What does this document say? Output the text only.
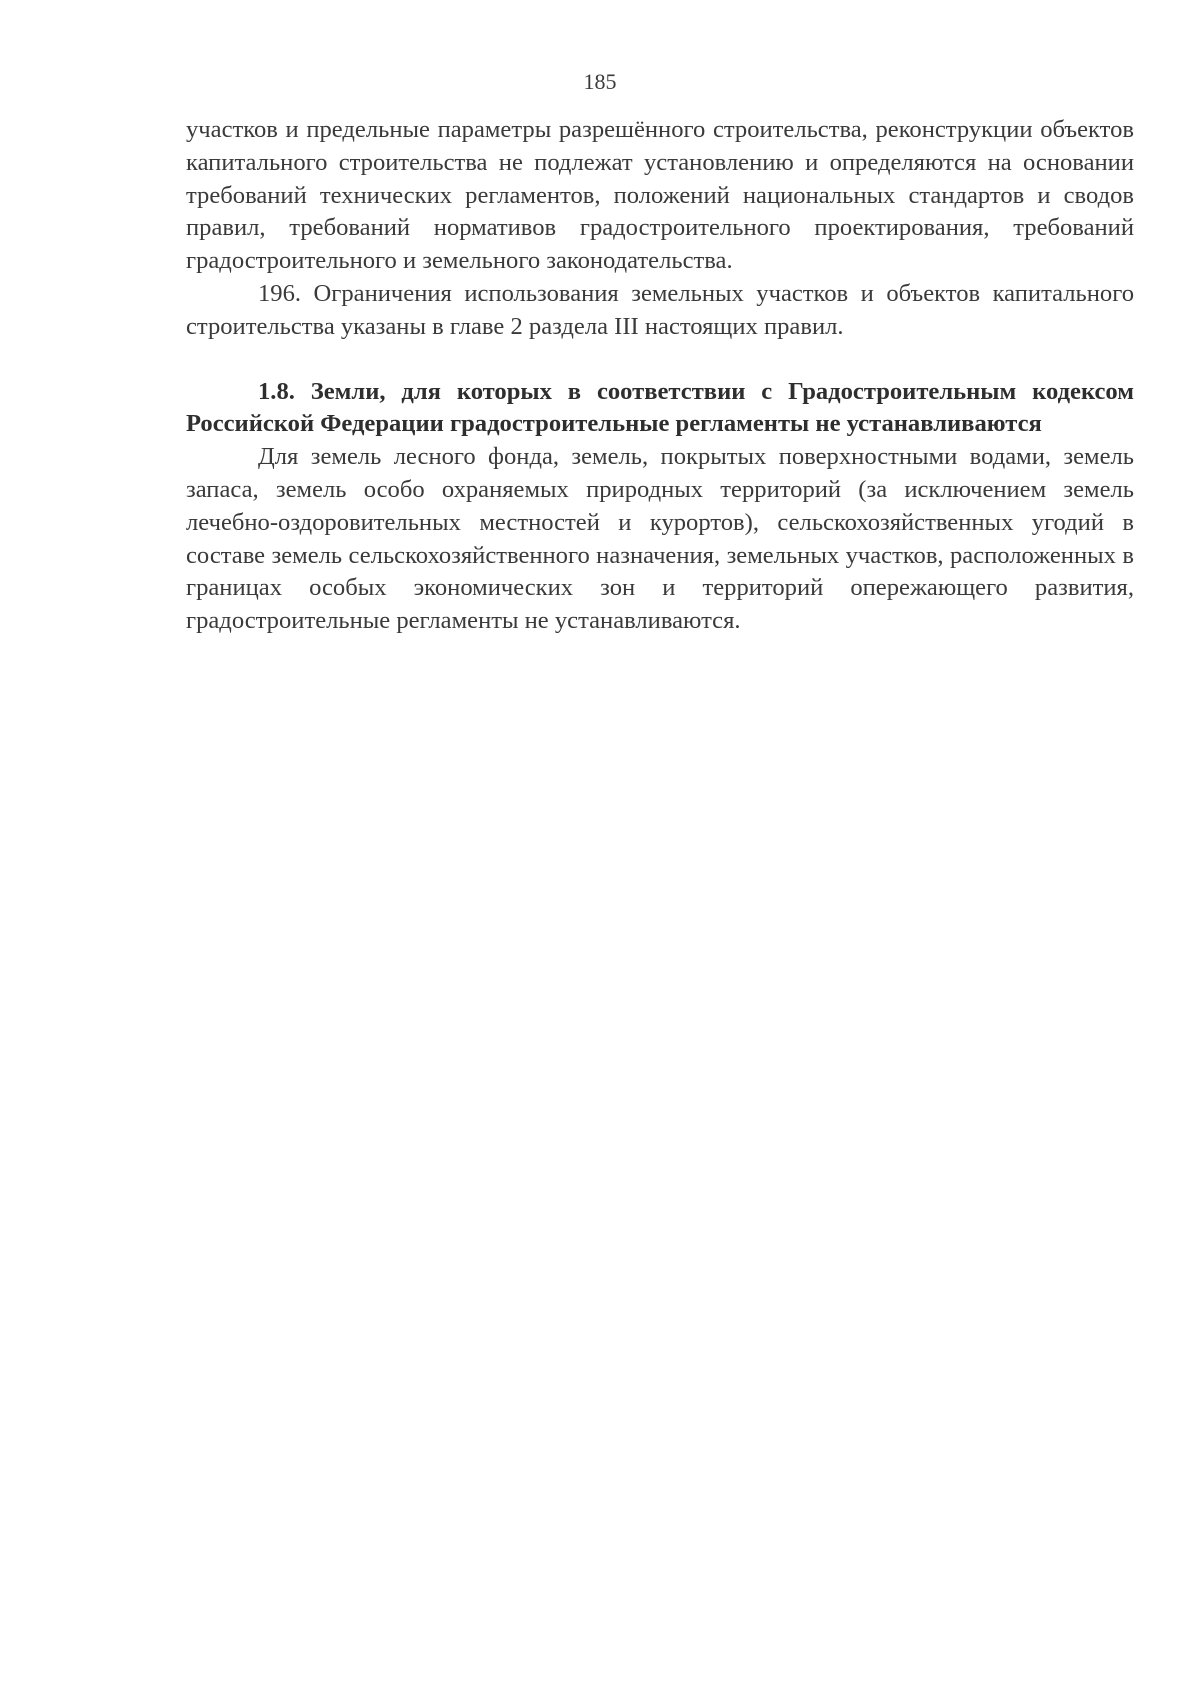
185

участков и предельные параметры разрешённого строительства, реконструкции объектов капитального строительства не подлежат установлению и определяются на основании требований технических регламентов, положений национальных стандартов и сводов правил, требований нормативов градостроительного проектирования, требований градостроительного и земельного законодательства.

196. Ограничения использования земельных участков и объектов капитального строительства указаны в главе 2 раздела III настоящих правил.

1.8. Земли, для которых в соответствии с Градостроительным кодексом Российской Федерации градостроительные регламенты не устанавливаются

Для земель лесного фонда, земель, покрытых поверхностными водами, земель запаса, земель особо охраняемых природных территорий (за исключением земель лечебно-оздоровительных местностей и курортов), сельскохозяйственных угодий в составе земель сельскохозяйственного назначения, земельных участков, расположенных в границах особых экономических зон и территорий опережающего развития, градостроительные регламенты не устанавливаются.
